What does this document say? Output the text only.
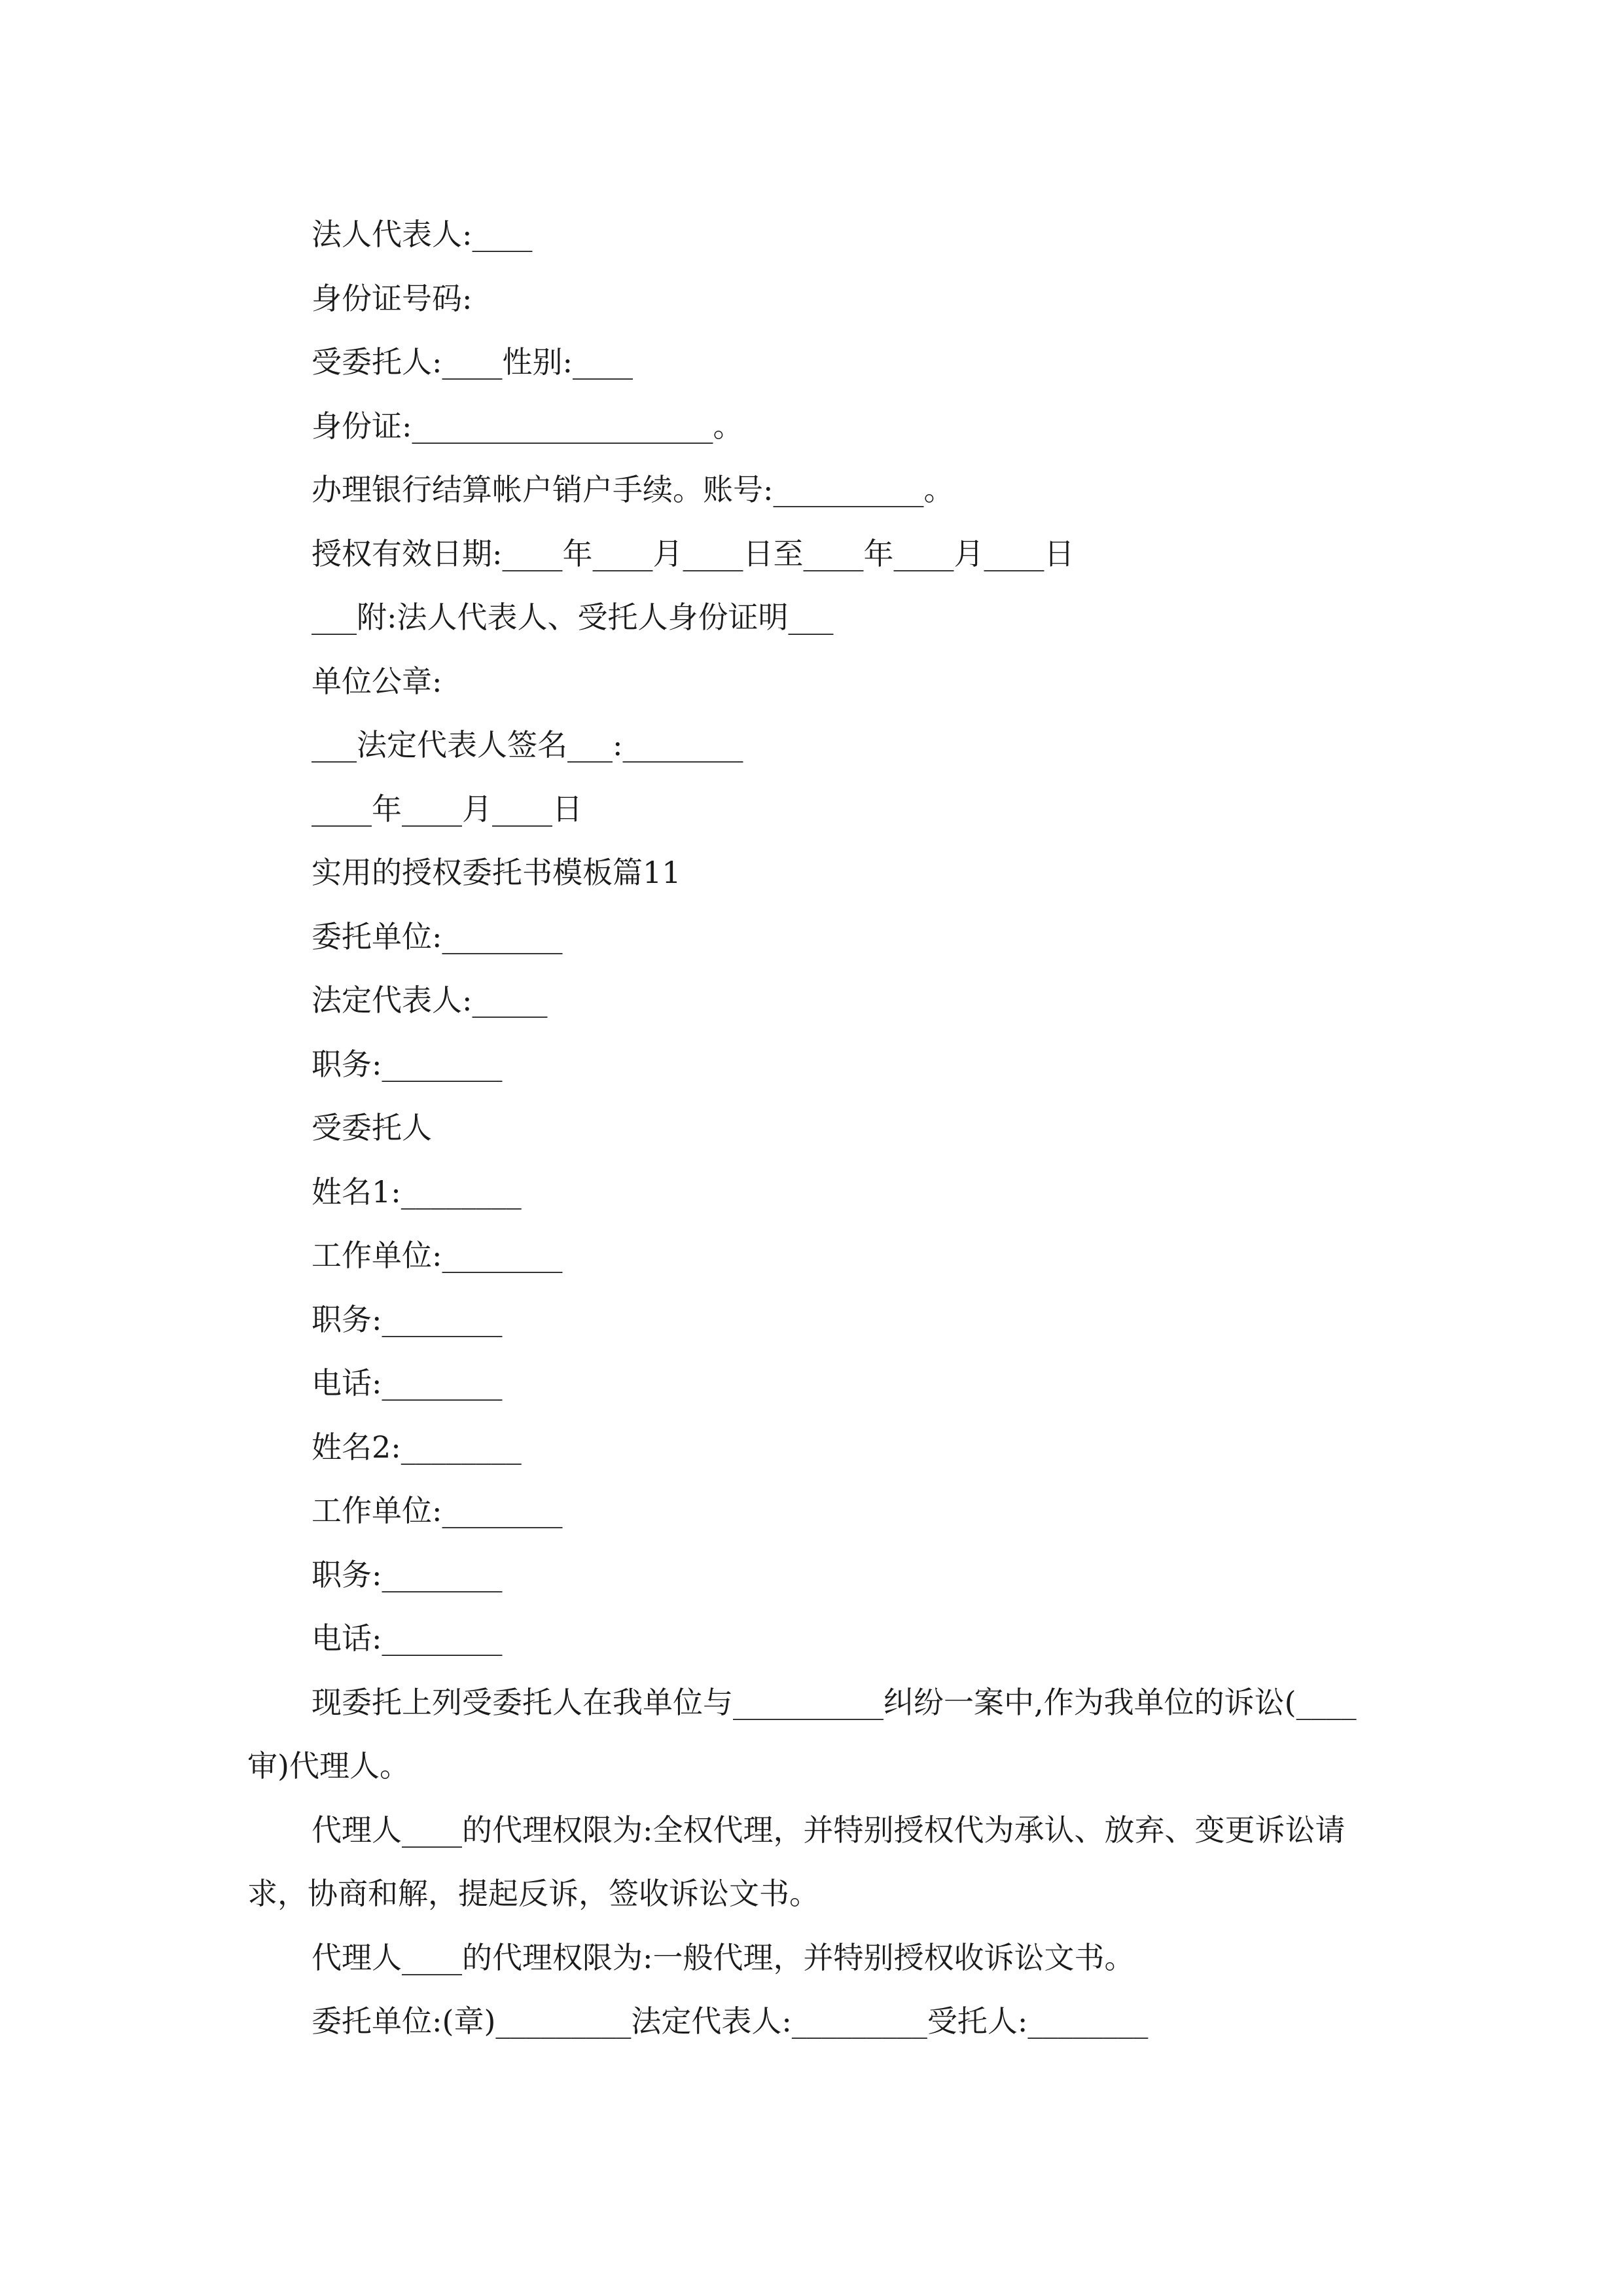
法人代表人:____

身份证号码:

受委托人:____性别:____

身份证:____________________。

办理银行结算帐户销户手续。账号:__________。

授权有效日期:____年____月____日至____年____月____日

___附:法人代表人、受托人身份证明___

单位公章:

___法定代表人签名___:________

____年____月____日

实用的授权委托书模板篇11

委托单位:________

法定代表人:_____

职务:________

受委托人

姓名1:________

工作单位:________

职务:________

电话:________

姓名2:________

工作单位:________

职务:________

电话:________

现委托上列受委托人在我单位与__________纠纷一案中,作为我单位的诉讼(____审)代理人。

代理人____的代理权限为:全权代理，并特别授权代为承认、放弃、变更诉讼请求，协商和解，提起反诉，签收诉讼文书。

代理人____的代理权限为:一般代理，并特别授权收诉讼文书。

委托单位:(章)_________法定代表人:_________受托人:________
